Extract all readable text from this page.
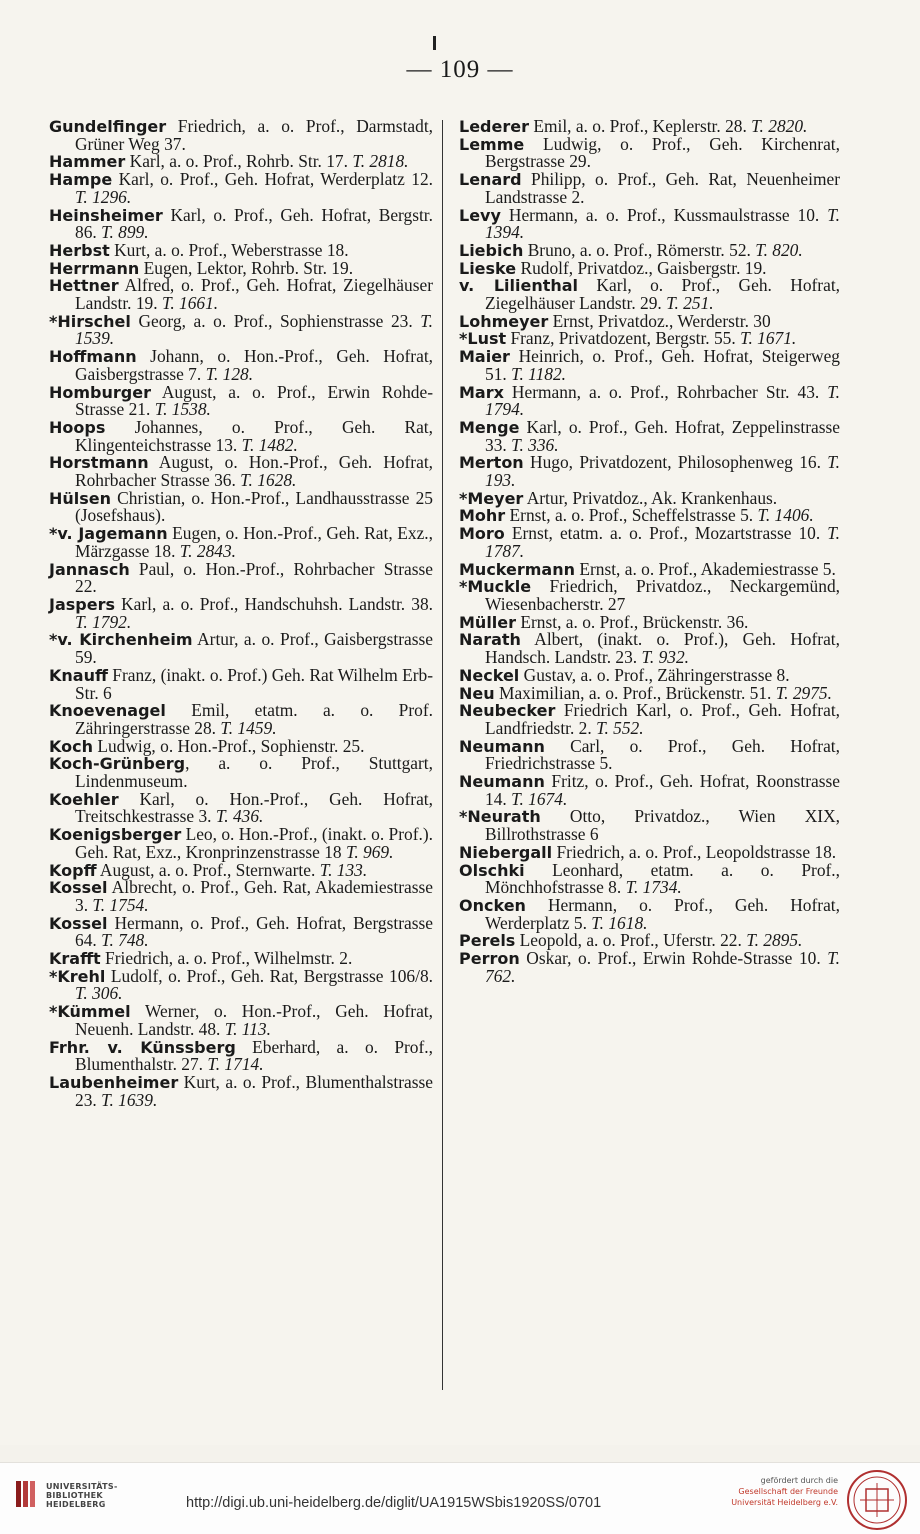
— 109 —

Gundelfinger Friedrich, a. o. Prof., Darmstadt, Grüner Weg 37.

Hammer Karl, a. o. Prof., Rohrb. Str. 17. T. 2818.

Hampe Karl, o. Prof., Geh. Hofrat, Werderplatz 12. T. 1296.

Heinsheimer Karl, o. Prof., Geh. Hofrat, Bergstr. 86. T. 899.

Herbst Kurt, a. o. Prof., Weberstrasse 18.

Herrmann Eugen, Lektor, Rohrb. Str. 19.

Hettner Alfred, o. Prof., Geh. Hofrat, Ziegelhäuser Landstr. 19. T. 1661.

*Hirschel Georg, a. o. Prof., Sophienstrasse 23. T. 1539.

Hoffmann Johann, o. Hon.-Prof., Geh. Hofrat, Gaisbergstrasse 7. T. 128.

Homburger August, a. o. Prof., Erwin Rohde-Strasse 21. T. 1538.

Hoops Johannes, o. Prof., Geh. Rat, Klingenteichstrasse 13. T. 1482.

Horstmann August, o. Hon.-Prof., Geh. Hofrat, Rohrbacher Strasse 36. T. 1628.

Hülsen Christian, o. Hon.-Prof., Landhausstrasse 25 (Josefshaus).

*v. Jagemann Eugen, o. Hon.-Prof., Geh. Rat, Exz., Märzgasse 18. T. 2843.

Jannasch Paul, o. Hon.-Prof., Rohrbacher Strasse 22.

Jaspers Karl, a. o. Prof., Handschuhsh. Landstr. 38. T. 1792.

*v. Kirchenheim Artur, a. o. Prof., Gaisbergstrasse 59.

Knauff Franz, (inakt. o. Prof.) Geh. Rat Wilhelm Erb-Str. 6

Knoevenagel Emil, etatm. a. o. Prof. Zähringerstrasse 28. T. 1459.

Koch Ludwig, o. Hon.-Prof., Sophienstr. 25.

Koch-Grünberg, a. o. Prof., Stuttgart, Lindenmuseum.

Koehler Karl, o. Hon.-Prof., Geh. Hofrat, Treitschkestrasse 3. T. 436.

Koenigsberger Leo, o. Hon.-Prof., (inakt. o. Prof.). Geh. Rat, Exz., Kronprinzenstrasse 18 T. 969.

Kopff August, a. o. Prof., Sternwarte. T. 133.

Kossel Albrecht, o. Prof., Geh. Rat, Akademiestrasse 3. T. 1754.

Kossel Hermann, o. Prof., Geh. Hofrat, Bergstrasse 64. T. 748.

Krafft Friedrich, a. o. Prof., Wilhelmstr. 2.

*Krehl Ludolf, o. Prof., Geh. Rat, Bergstrasse 106/8. T. 306.

*Kümmel Werner, o. Hon.-Prof., Geh. Hofrat, Neuenh. Landstr. 48. T. 113.

Frhr. v. Künssberg Eberhard, a. o. Prof., Blumenthalstr. 27. T. 1714.

Laubenheimer Kurt, a. o. Prof., Blumenthalstrasse 23. T. 1639.

Lederer Emil, a. o. Prof., Keplerstr. 28. T. 2820.

Lemme Ludwig, o. Prof., Geh. Kirchenrat, Bergstrasse 29.

Lenard Philipp, o. Prof., Geh. Rat, Neuenheimer Landstrasse 2.

Levy Hermann, a. o. Prof., Kussmaulstrasse 10. T. 1394.

Liebich Bruno, a. o. Prof., Römerstr. 52. T. 820.

Lieske Rudolf, Privatdoz., Gaisbergstr. 19.

v. Lilienthal Karl, o. Prof., Geh. Hofrat, Ziegelhäuser Landstr. 29. T. 251.

Lohmeyer Ernst, Privatdoz., Werderstr. 30

*Lust Franz, Privatdozent, Bergstr. 55. T. 1671.

Maier Heinrich, o. Prof., Geh. Hofrat, Steigerweg 51. T. 1182.

Marx Hermann, a. o. Prof., Rohrbacher Str. 43. T. 1794.

Menge Karl, o. Prof., Geh. Hofrat, Zeppelinstrasse 33. T. 336.

Merton Hugo, Privatdozent, Philosophenweg 16. T. 193.

*Meyer Artur, Privatdoz., Ak. Krankenhaus.

Mohr Ernst, a. o. Prof., Scheffelstrasse 5. T. 1406.

Moro Ernst, etatm. a. o. Prof., Mozartstrasse 10. T. 1787.

Muckermann Ernst, a. o. Prof., Akademiestrasse 5.

*Muckle Friedrich, Privatdoz., Neckargemünd, Wiesenbacherstr. 27

Müller Ernst, a. o. Prof., Brückenstr. 36.

Narath Albert, (inakt. o. Prof.), Geh. Hofrat, Handsch. Landstr. 23. T. 932.

Neckel Gustav, a. o. Prof., Zähringerstrasse 8.

Neu Maximilian, a. o. Prof., Brückenstr. 51. T. 2975.

Neubecker Friedrich Karl, o. Prof., Geh. Hofrat, Landfriedstr. 2. T. 552.

Neumann Carl, o. Prof., Geh. Hofrat, Friedrichstrasse 5.

Neumann Fritz, o. Prof., Geh. Hofrat, Roonstrasse 14. T. 1674.

*Neurath Otto, Privatdoz., Wien XIX, Billrothstrasse 6

Niebergall Friedrich, a. o. Prof., Leopoldstrasse 18.

Olschki Leonhard, etatm. a. o. Prof., Mönchhofstrasse 8. T. 1734.

Oncken Hermann, o. Prof., Geh. Hofrat, Werderplatz 5. T. 1618.

Perels Leopold, a. o. Prof., Uferstr. 22. T. 2895.

Perron Oskar, o. Prof., Erwin Rohde-Strasse 10. T. 762.

UNIVERSITÄTS-
BIBLIOTHEK
HEIDELBERG	http://digi.ub.uni-heidelberg.de/diglit/UA1915WSbis1920SS/0701
gefördert durch die
Gesellschaft der Freunde
Universität Heidelberg e.V.
